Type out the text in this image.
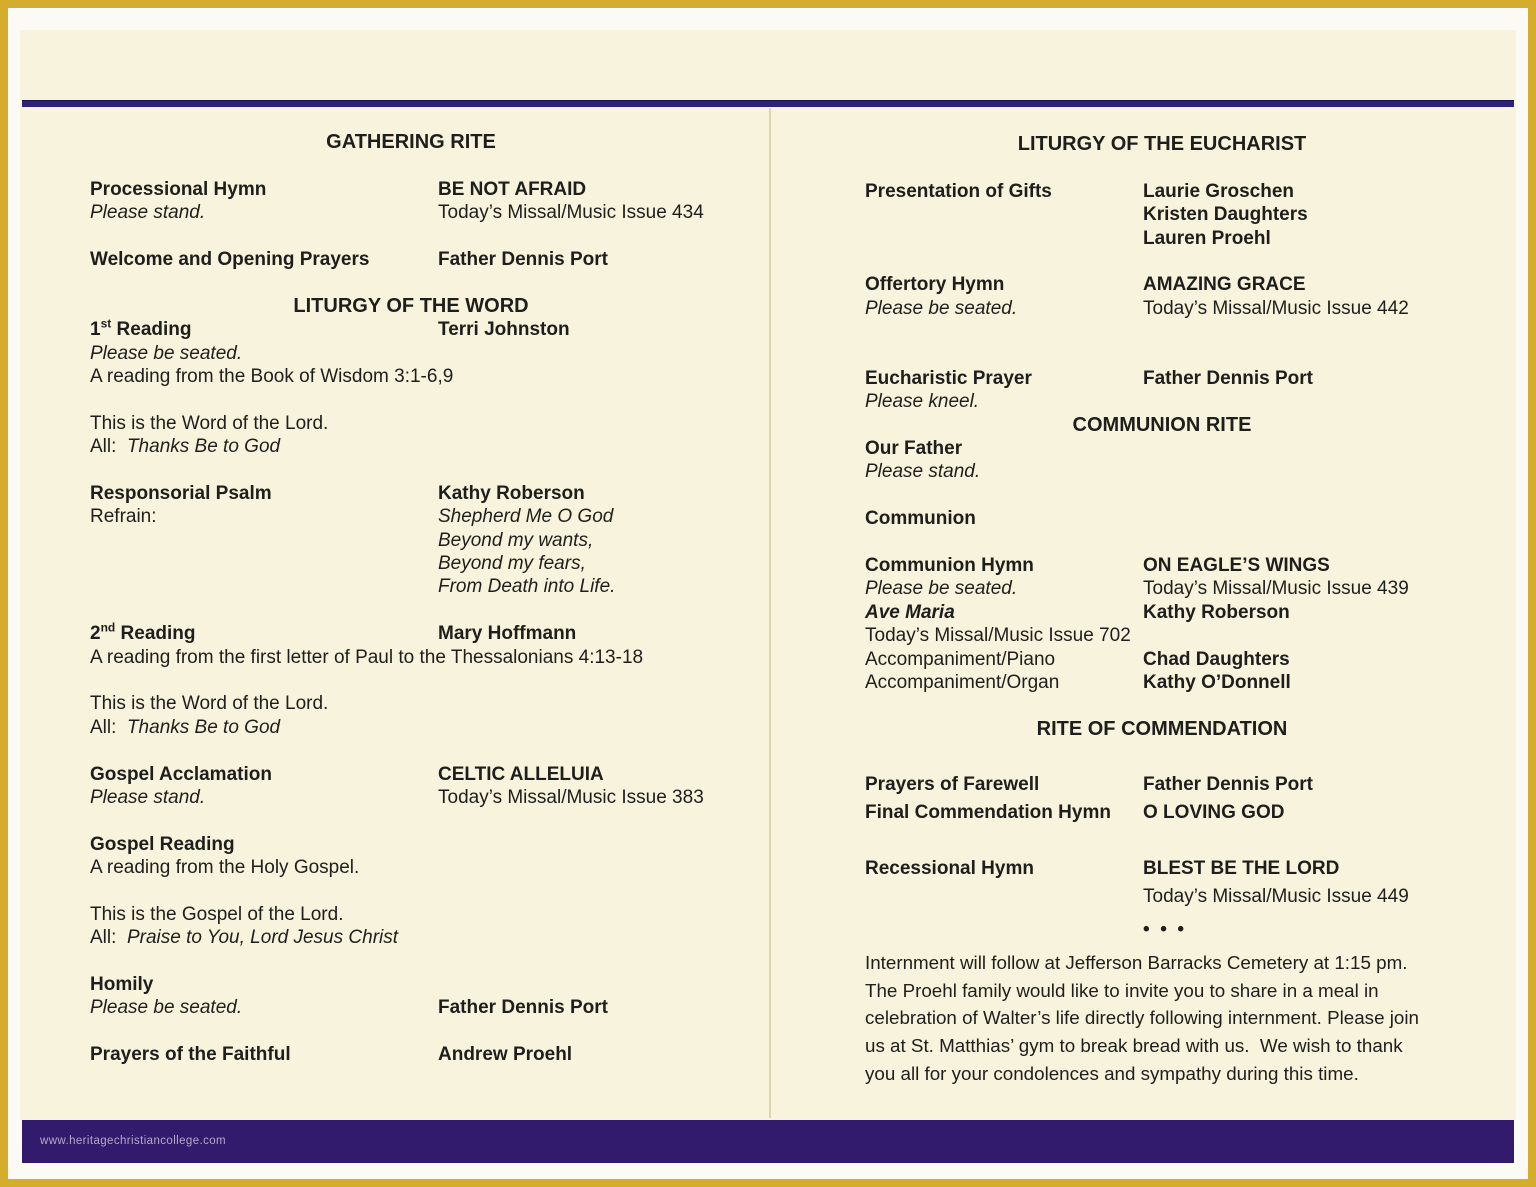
GATHERING RITE
Processional Hymn	BE NOT AFRAID
Please stand.	Today’s Missal/Music Issue 434
Welcome and Opening Prayers	Father Dennis Port
LITURGY OF THE WORD
1st Reading	Terri Johnston
Please be seated.
A reading from the Book of Wisdom 3:1-6,9
This is the Word of the Lord.
All:  Thanks Be to God
Responsorial Psalm	Kathy Roberson
Refrain:	Shepherd Me O God
Beyond my wants,
Beyond my fears,
From Death into Life.
2nd Reading	Mary Hoffmann
A reading from the first letter of Paul to the Thessalonians 4:13-18
This is the Word of the Lord.
All:  Thanks Be to God
Gospel Acclamation	CELTIC ALLELUIA
Please stand.	Today’s Missal/Music Issue 383
Gospel Reading
A reading from the Holy Gospel.
This is the Gospel of the Lord.
All:  Praise to You, Lord Jesus Christ
Homily
Please be seated.	Father Dennis Port
Prayers of the Faithful	Andrew Proehl
LITURGY OF THE EUCHARIST
Presentation of Gifts	Laurie Groschen
Kristen Daughters
Lauren Proehl
Offertory Hymn	AMAZING GRACE
Please be seated.	Today’s Missal/Music Issue 442
Eucharistic Prayer	Father Dennis Port
Please kneel.
COMMUNION RITE
Our Father
Please stand.
Communion
Communion Hymn	ON EAGLE’S WINGS
Please be seated.	Today’s Missal/Music Issue 439
Ave Maria	Kathy Roberson
Today’s Missal/Music Issue 702
Accompaniment/Piano	Chad Daughters
Accompaniment/Organ	Kathy O’Donnell
RITE OF COMMENDATION
Prayers of Farewell	Father Dennis Port
Final Commendation Hymn	O LOVING GOD
Recessional Hymn	BLEST BE THE LORD
Today’s Missal/Music Issue 449
•  •  •
Internment will follow at Jefferson Barracks Cemetery at 1:15 pm.
The Proehl family would like to invite you to share in a meal in
celebration of Walter’s life directly following internment. Please join
us at St. Matthias’ gym to break bread with us.  We wish to thank
you all for your condolences and sympathy during this time.
www.heritagechristiancollege.com
